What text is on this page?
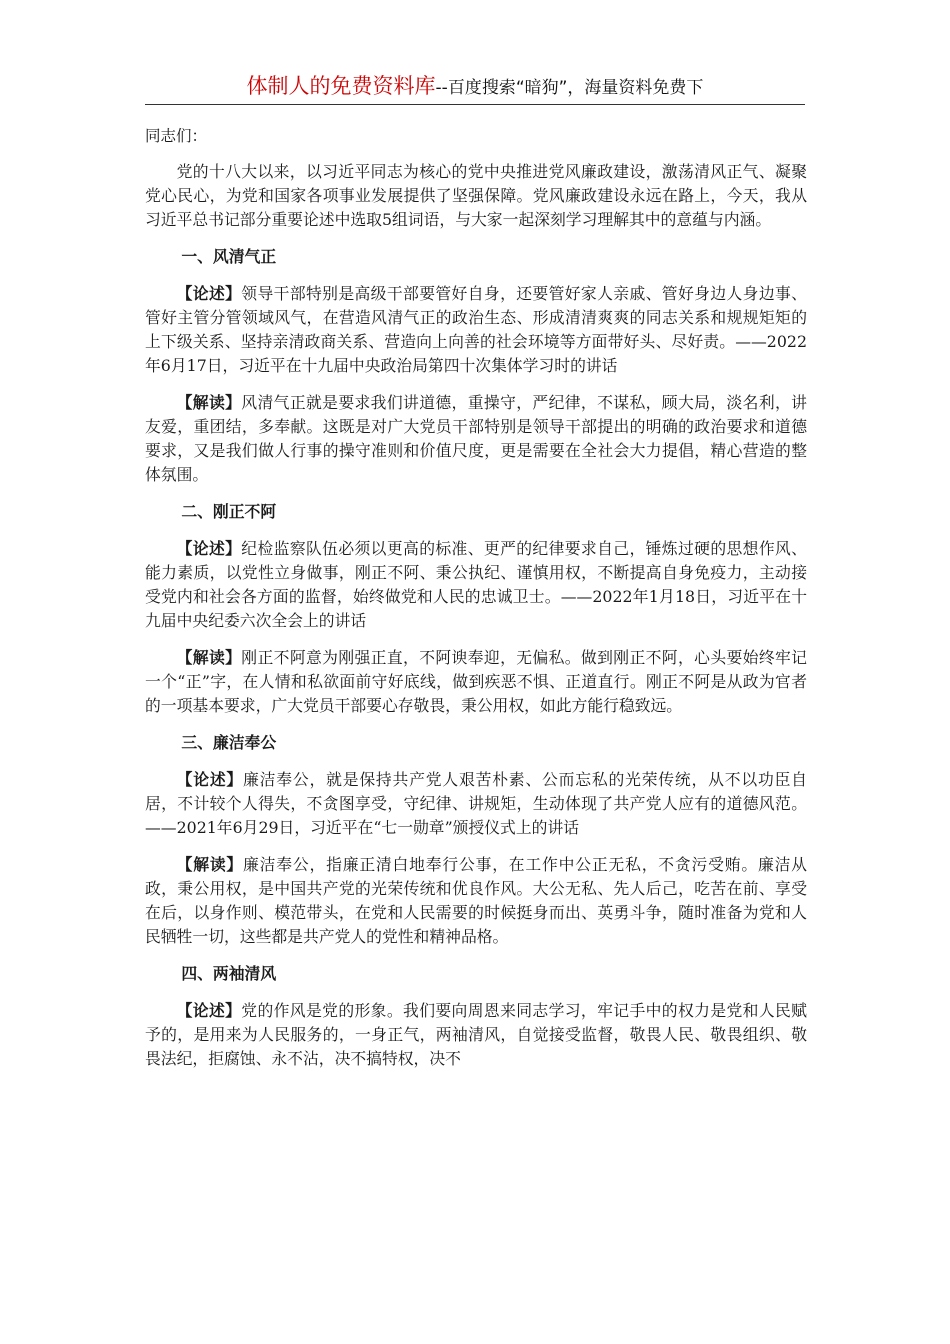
体制人的免费资料库--百度搜索“暗狗”，海量资料免费下
同志们：

党的十八大以来，以习近平同志为核心的党中央推进党风廉政建设，激荡清风正气、凝聚党心民心，为党和国家各项事业发展提供了坚强保障。党风廉政建设永远在路上，今天，我从习近平总书记部分重要论述中选取5组词语，与大家一起深刻学习理解其中的意蕴与内涵。

一、风清气正

【论述】领导干部特别是高级干部要管好自身，还要管好家人亲戚、管好身边人身边事、管好主管分管领域风气，在营造风清气正的政治生态、形成清清爽爽的同志关系和规规矩矩的上下级关系、坚持亲清政商关系、营造向上向善的社会环境等方面带好头、尽好责。——2022年6月17日，习近平在十九届中央政治局第四十次集体学习时的讲话

【解读】风清气正就是要求我们讲道德，重操守，严纪律，不谋私，顾大局，淡名利，讲友爱，重团结，多奉献。这既是对广大党员干部特别是领导干部提出的明确的政治要求和道德要求，又是我们做人行事的操守准则和价值尺度，更是需要在全社会大力提倡，精心营造的整体氛围。

二、刚正不阿

【论述】纪检监察队伍必须以更高的标准、更严的纪律要求自己，锤炼过硬的思想作风、能力素质，以党性立身做事，刚正不阿、秉公执纪、谨慎用权，不断提高自身免疫力，主动接受党内和社会各方面的监督，始终做党和人民的忠诚卫士。——2022年1月18日，习近平在十九届中央纪委六次全会上的讲话

【解读】刚正不阿意为刚强正直，不阿谀奉迎，无偏私。做到刚正不阿，心头要始终牢记一个“正”字，在人情和私欲面前守好底线，做到疾恶不惧、正道直行。刚正不阿是从政为官者的一项基本要求，广大党员干部要心存敬畏，秉公用权，如此方能行稳致远。

三、廉洁奉公

【论述】廉洁奉公，就是保持共产党人艰苦朴素、公而忘私的光荣传统，从不以功臣自居，不计较个人得失，不贪图享受，守纪律、讲规矩，生动体现了共产党人应有的道德风范。——2021年6月29日，习近平在“七一勋章”颁授仪式上的讲话

【解读】廉洁奉公，指廉正清白地奉行公事，在工作中公正无私，不贪污受贿。廉洁从政，秉公用权，是中国共产党的光荣传统和优良作风。大公无私、先人后己，吃苦在前、享受在后，以身作则、模范带头，在党和人民需要的时候挺身而出、英勇斗争，随时准备为党和人民牺牲一切，这些都是共产党人的党性和精神品格。

四、两袖清风

【论述】党的作风是党的形象。我们要向周恩来同志学习，牢记手中的权力是党和人民赋予的，是用来为人民服务的，一身正气，两袖清风，自觉接受监督，敬畏人民、敬畏组织、敬畏法纪，拒腐蚀、永不沾，决不搞特权，决不
